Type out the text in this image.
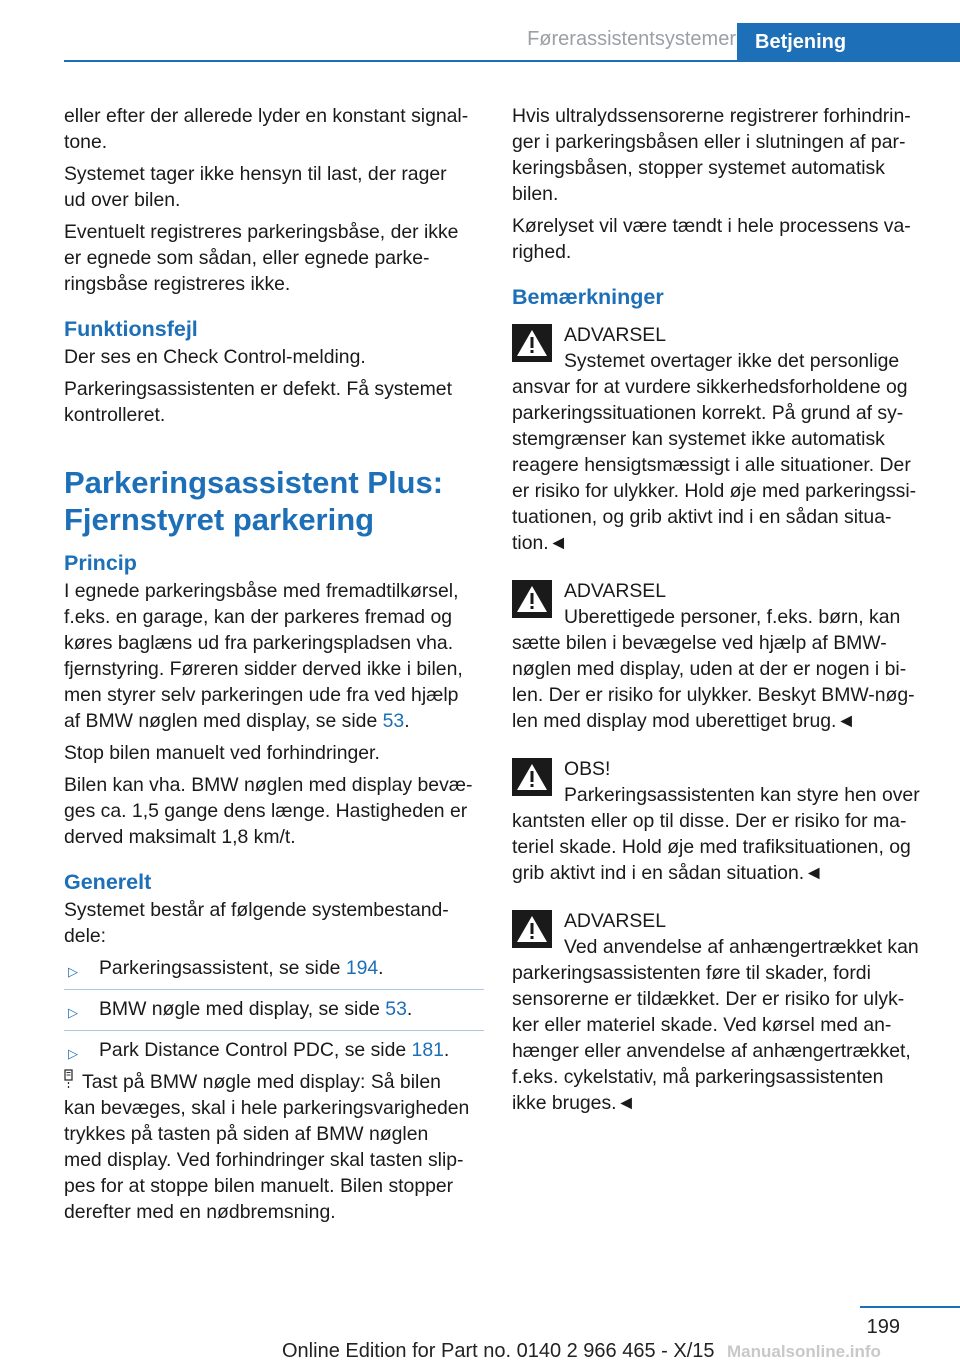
Førerassistentsystemer Betjening

eller efter der allerede lyder en konstant signal-
tone.

Systemet tager ikke hensyn til last, der rager
ud over bilen.

Eventuelt registreres parkeringsbåse, der ikke
er egnede som sådan, eller egnede parke-
ringsbåse registreres ikke.

Funktionsfejl

Der ses en Check Control-melding.

Parkeringsassistenten er defekt. Få systemet
kontrolleret.

Parkeringsassistent Plus:
Fjernstyret parkering
Princip

I egnede parkeringsbåse med fremadtilkørsel,
f.eks. en garage, kan der parkeres fremad og
køres baglæns ud fra parkeringspladsen vha.
fjernstyring. Føreren sidder derved ikke i bilen,
men styrer selv parkeringen ude fra ved hjælp
af BMW nøglen med display, se side 53.

Stop bilen manuelt ved forhindringer.

Bilen kan vha. BMW nøglen med display bevæ-
ges ca. 1,5 gange dens længe. Hastigheden er
derved maksimalt 1,8 km/t.

Generelt

Systemet består af følgende systembestand-
dele:

▷ Parkeringsassistent, se side 194.
▷ BMW nøgle med display, se side 53.
▷ Park Distance Control PDC, se side 181.

Tast på BMW nøgle med display: Så bilen
kan bevæges, skal i hele parkeringsvarigheden
trykkes på tasten på siden af BMW nøglen
med display. Ved forhindringer skal tasten slip-
pes for at stoppe bilen manuelt. Bilen stopper
derefter med en nødbremsning.

Hvis ultralydssensorerne registrerer forhindrin-
ger i parkeringsbåsen eller i slutningen af par-
keringsbåsen, stopper systemet automatisk
bilen.

Kørelyset vil være tændt i hele processens va-
righed.

Bemærkninger
ADVARSEL
Systemet overtager ikke det personlige
ansvar for at vurdere sikkerhedsforholdene og
parkeringssituationen korrekt. På grund af sy-
stemgrænser kan systemet ikke automatisk
reagere hensigtsmæssigt i alle situationer. Der
er risiko for ulykker. Hold øje med parkeringssi-
tuationen, og grib aktivt ind i en sådan situa-
tion.◄
ADVARSEL
Uberettigede personer, f.eks. børn, kan
sætte bilen i bevægelse ved hjælp af BMW-
nøglen med display, uden at der er nogen i bi-
len. Der er risiko for ulykker. Beskyt BMW-nøg-
len med display mod uberettiget brug.◄
OBS!
Parkeringsassistenten kan styre hen over
kantsten eller op til disse. Der er risiko for ma-
teriel skade. Hold øje med trafiksituationen, og
grib aktivt ind i en sådan situation.◄
ADVARSEL
Ved anvendelse af anhængertrækket kan
parkeringsassistenten føre til skader, fordi
sensorerne er tildækket. Der er risiko for ulyk-
ker eller materiel skade. Ved kørsel med an-
hænger eller anvendelse af anhængertrækket,
f.eks. cykelstativ, må parkeringsassistenten
ikke bruges.◄
199
Online Edition for Part no. 0140 2 966 465 - X/15 Manualsonline.info
